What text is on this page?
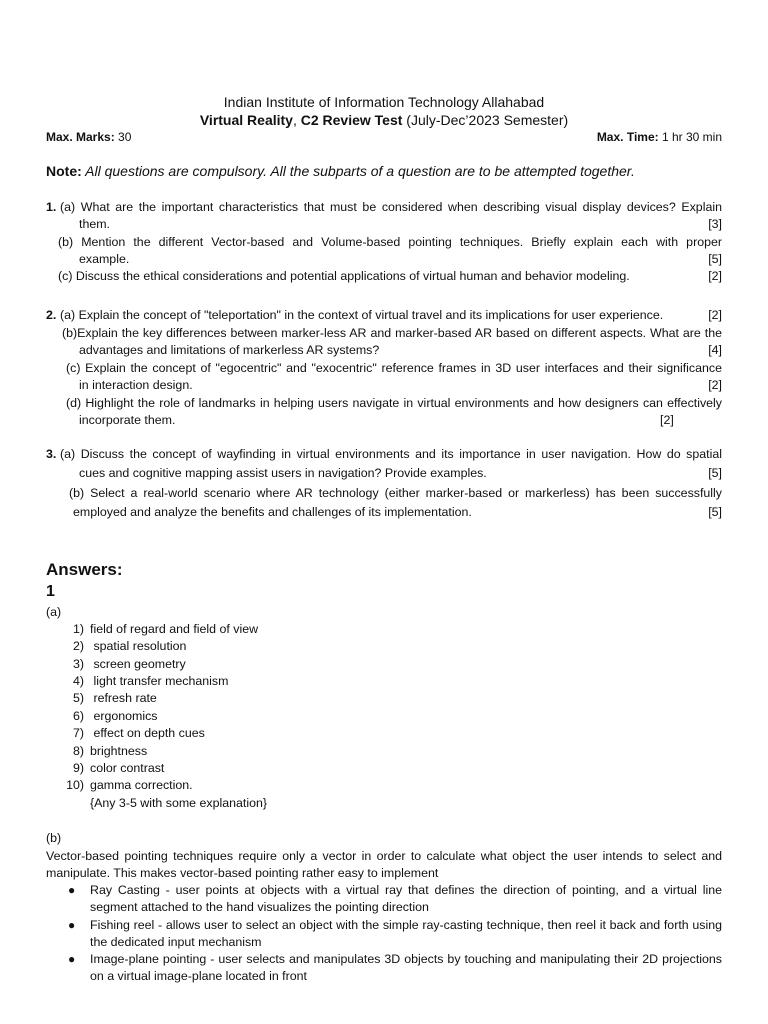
Indian Institute of Information Technology Allahabad
Virtual Reality, C2 Review Test (July-Dec’2023 Semester)
Max. Marks: 30	Max. Time: 1 hr 30 min
Note: All questions are compulsory. All the subparts of a question are to be attempted together.
1. (a) What are the important characteristics that must be considered when describing visual display devices? Explain
them.	[3]
(b) Mention the different Vector-based and Volume-based pointing techniques. Briefly explain each with proper
example.	[5]
(c) Discuss the ethical considerations and potential applications of virtual human and behavior modeling.	[2]
2. (a) Explain the concept of "teleportation" in the context of virtual travel and its implications for user experience.	[2]
(b)Explain the key differences between marker-less AR and marker-based AR based on different aspects. What are the
advantages and limitations of markerless AR systems?	[4]
(c) Explain the concept of "egocentric" and "exocentric" reference frames in 3D user interfaces and their significance
in interaction design.	[2]
(d) Highlight the role of landmarks in helping users navigate in virtual environments and how designers can effectively
incorporate them.	[2]
3. (a) Discuss the concept of wayfinding in virtual environments and its importance in user navigation. How do spatial
cues and cognitive mapping assist users in navigation? Provide examples.	[5]
(b) Select a real-world scenario where AR technology (either marker-based or markerless) has been successfully
employed and analyze the benefits and challenges of its implementation.	[5]
Answers:
1
(a)
1) field of regard and field of view
2) spatial resolution
3) screen geometry
4) light transfer mechanism
5) refresh rate
6) ergonomics
7) effect on depth cues
8) brightness
9) color contrast
10) gamma correction.
{Any 3-5 with some explanation}
(b)
Vector-based pointing techniques require only a vector in order to calculate what object the user intends to select and manipulate. This makes vector-based pointing rather easy to implement
● Ray Casting - user points at objects with a virtual ray that defines the direction of pointing, and a virtual line segment attached to the hand visualizes the pointing direction
● Fishing reel - allows user to select an object with the simple ray-casting technique, then reel it back and forth using the dedicated input mechanism
● Image-plane pointing - user selects and manipulates 3D objects by touching and manipulating their 2D projections on a virtual image-plane located in front
